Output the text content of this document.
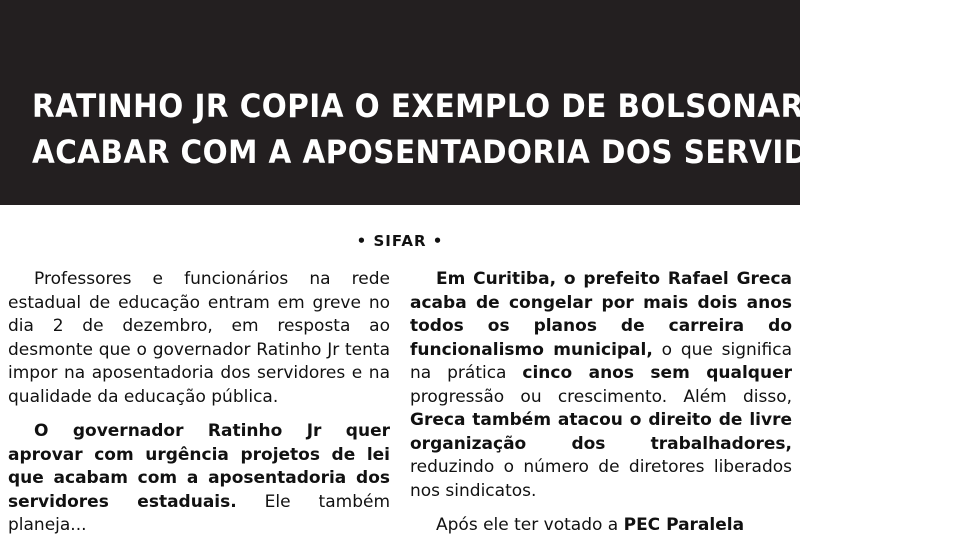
RATINHO JR COPIA O EXEMPLO DE BOLSONARO E QUER
ACABAR COM A APOSENTADORIA DOS SERVIDORES
• SIFAR •

Professores e funcionários na rede estadual de educação entram em greve no dia 2 de dezembro, em resposta ao desmonte que o governador Ratinho Jr tenta impor na aposentadoria dos servidores e na qualidade da educação pública.

O governador Ratinho Jr quer aprovar com urgência projetos de lei que acabam com a aposentadoria dos servidores estaduais. Ele também planeja...

Em Curitiba, o prefeito Rafael Greca acaba de congelar por mais dois anos todos os planos de carreira do funcionalismo municipal, o que significa na prática cinco anos sem qualquer progressão ou crescimento. Além disso, Greca também atacou o direito de livre organização dos trabalhadores, reduzindo o número de diretores liberados nos sindicatos.

Após ele ter votado a PEC Paralela
